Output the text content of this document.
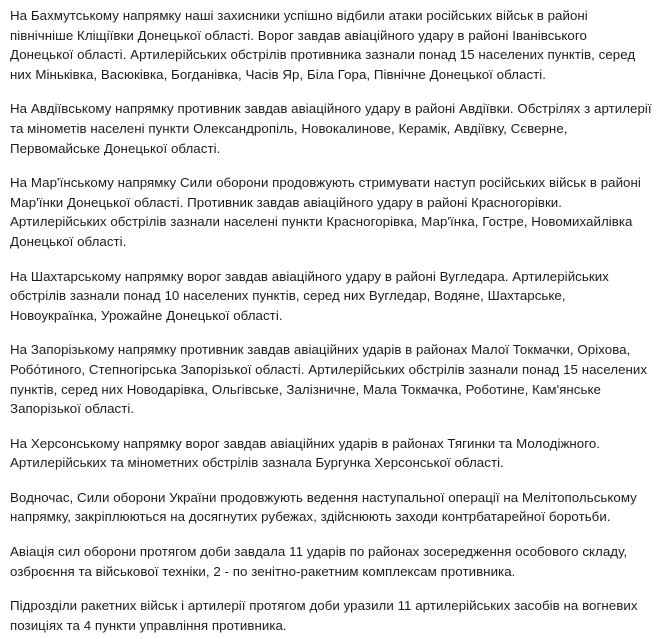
На Бахмутському напрямку наші захисники успішно відбили атаки російських військ в районі північніше Кліщіївки Донецької області. Ворог завдав авіаційного удару в районі Іванівського Донецької області. Артилерійських обстрілів противника зазнали понад 15 населених пунктів, серед них Міньківка, Васюківка, Богданівка, Часів Яр, Біла Гора, Північне Донецької області.

На Авдіївському напрямку противник завдав авіаційного удару в районі Авдіївки. Обстрілях з артилерії та мінометів населені пункти Олександропіль, Новокалинове, Керамік, Авдіївку, Сєверне, Первомайське Донецької області.

На Мар'їнському напрямку Сили оборони продовжують стримувати наступ російських військ в районі Мар'їнки Донецької області. Противник завдав авіаційного удару в районі Красногорівки. Артилерійських обстрілів зазнали населені пункти Красногорівка, Мар'їнка, Гостре, Новомихайлівка Донецької області.

На Шахтарському напрямку ворог завдав авіаційного удару в районі Вугледара. Артилерійських обстрілів зазнали понад 10 населених пунктів, серед них Вугледар, Водяне, Шахтарське, Новоукраїнка, Урожайне Донецької області.

На Запорізькому напрямку противник завдав авіаційних ударів в районах Малої Токмачки, Оріхова, Робо́тиного, Степногірська Запорізької області. Артилерійських обстрілів зазнали понад 15 населених пунктів, серед них Новодарівка, Ольгівське, Залізничне, Мала Токмачка, Роботине, Кам'янське Запорізької області.

На Херсонському напрямку ворог завдав авіаційних ударів в районах Тягинки та Молодіжного. Артилерійських та мінометних обстрілів зазнала Бургунка Херсонської області.

Водночас, Сили оборони України продовжують ведення наступальної операції на Мелітопольському напрямку, закріплюються на досягнутих рубежах, здійснюють заходи контрбатарейної боротьби.

Авіація сил оборони протягом доби завдала 11 ударів по районах зосередження особового складу, озброєння та військової техніки, 2 - по зенітно-ракетним комплексам противника.

Підрозділи ракетних військ і артилерії протягом доби уразили 11 артилерійських засобів на вогневих позиціях та 4 пункти управління противника.
